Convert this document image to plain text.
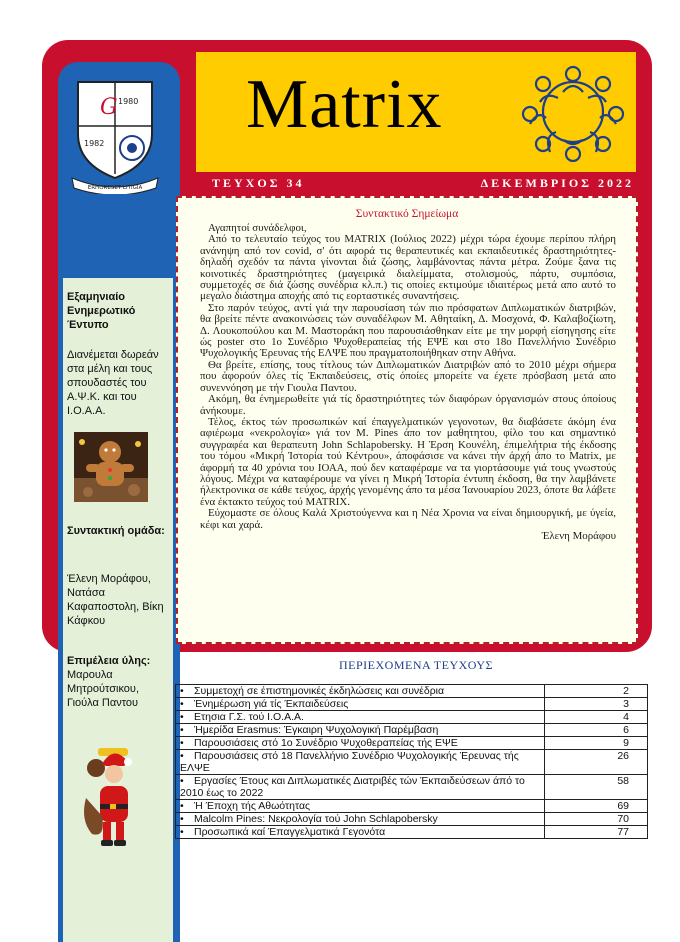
G 1980
1982
ERHORESET LITIGIA
Matrix
ΤΕΥΧΟΣ 34	ΔΕΚΕΜΒΡΙΟΣ 2022
Συντακτικό Σημείωμα

Αγαπητοί συνάδελφοι,

Από το τελευταίο τεύχος του MATRIX (Ιούλιος 2022) μέχρι τώρα έχουμε περίπου πλήρη ανάνηψη από τον covid, σ' ότι αφορά τις θεραπευτικές και εκπαιδευτικές δραστηριότητες- δηλαδή σχεδόν τα πάντα γίνονται διά ζώσης, λαμβάνοντας πάντα μέτρα. Ζούμε ξανα τις κοινοτικές δραστηριότητες (μαγειρικά διαλείμματα, στολισμούς, πάρτυ, συμπόσια, συμμετοχές σε διά ζώσης συνέδρια κλ.π.) τις οποίες εκτιμούμε ιδιαιτέρως μετά απο αυτό το μεγαλο διάστημα αποχής από τις εορταστικές συναντήσεις.

Στο παρόν τεύχος, αντί γιά την παρουσίαση τών πιο πρόσφατων Διπλωματικών διατριβών, θα βρείτε πέντε ανακοινώσεις τών συναδέλφων Μ. Αθηταίκη, Δ. Μοσχονά, Φ. Καλαβοζίωτη, Δ. Λουκοπούλου και Μ. Μαστοράκη που παρουσιάσθηκαν είτε με την μορφή είσηγησης είτε ώς poster στο 1ο Συνέδριο Ψυχοθεραπείας τής ΕΨΕ και στο 18ο Πανελλήνιο Συνέδριο Ψυχολογικής Έρευνας τής ΕΛΨΕ που πραγματοποιήθηκαν στην Αθήνα.

Θα βρείτε, επίσης, τους τίτλους τών Διπλωματικών Διατριβών από το 2010 μέχρι σήμερα που άφορούν όλες τίς Έκπαιδεύσεις, στίς όποίες μπορείτε να έχετε πρόσβαση μετά απο συνεννόηση με τήν Γιουλα Παντου.

Ακόμη, θα ένημερωθείτε γιά τίς δραστηριότητες τών διαφόρων όργανισμών στους όποίους άνήκουμε.

Τέλος, έκτος τών προσωπικών καί έπαγγελματικών γεγονοτων, θα διαβάσετε άκόμη ένα αφιέρωμα «νεκρολογία» γιά τον Μ. Pines άπο τον μαθητητου, φίλο του και σημαντικό συγγραφέα και θεραπευτη John Schlapobersky. Η Έρση Κουνέλη, έπιμελήτρια τής έκδοσης του τόμου «Μικρή Ίστορία τού Κέντρου», άποφάσισε να κάνει τήν άρχή άπο το Matrix, με άφορμή τα 40 χρόνια του ΙΟΑΑ, πού δεν καταφέραμε να τα γιορτάσουμε γιά τους γνωστούς λόγους. Μέχρι να καταφέρουμε να γίνει η Μικρή Ίστορία έντυπη έκδοση, θα την λαμβάνετε ήλεκτρονικα σε κάθε τεύχος, άρχής γενομένης άπο τα μέσα Ίανουαρίου 2023, όποτε θα λάβετε ένα έκτακτο τεύχος τού MATRIX.

Εύχομαστε σε όλους Καλά Χριστούγεννα και η Νέα Χρονια να είναι δημιουργική, με ύγεία, κέφι και χαρά.

Έλενη Μοράφου

Εξαμηνιαίο Ενημερωτικό Έντυπο
Διανέμεται δωρεάν στα μέλη και τους σπουδαστές του Α.Ψ.Κ. και του Ι.Ο.Α.Α.
Συντακτική ομάδα:
Έλενη Μοράφου, Νατάσα Καφαποστολη, Βίκη Κάφκου
Επιμέλεια ύλης:
Μαρουλα Μητρούτσικου, Γιούλα Παντου
ΠΕΡΙΕΧΟΜΕΝΑ ΤΕΥΧΟΥΣ
• Συμμετοχή σε έπιστημονικές έκδηλώσεις και συνέδρια	2
• Ένημέρωση γιά τίς Έκπαιδεύσεις	3
• Ετησια Γ.Σ. τού Ι.Ο.Α.Α.	4
• Ήμερίδα Erasmus: Έγκαιρη Ψυχολογική Παρέμβαση	6
• Παρουσιάσεις στό 1ο Συνέδριο Ψυχοθεραπείας τής ΕΨΕ	9
• Παρουσιάσεις στό 18 Πανελλήνιο Συνέδριο Ψυχολογικής Έρευνας τής ΕΛΨΕ	26
• Εργασίες Έτους και Διπλωματικές Διατριβές τών Έκπαιδεύσεων άπό το 2010 έως το 2022	58
• Ή Έποχη τής Αθωότητας	69
• Malcolm Pines: Νεκρολογία τού John Schlapobersky	70
• Προσωπικά καί Έπαγγελματικά Γεγονότα	77
